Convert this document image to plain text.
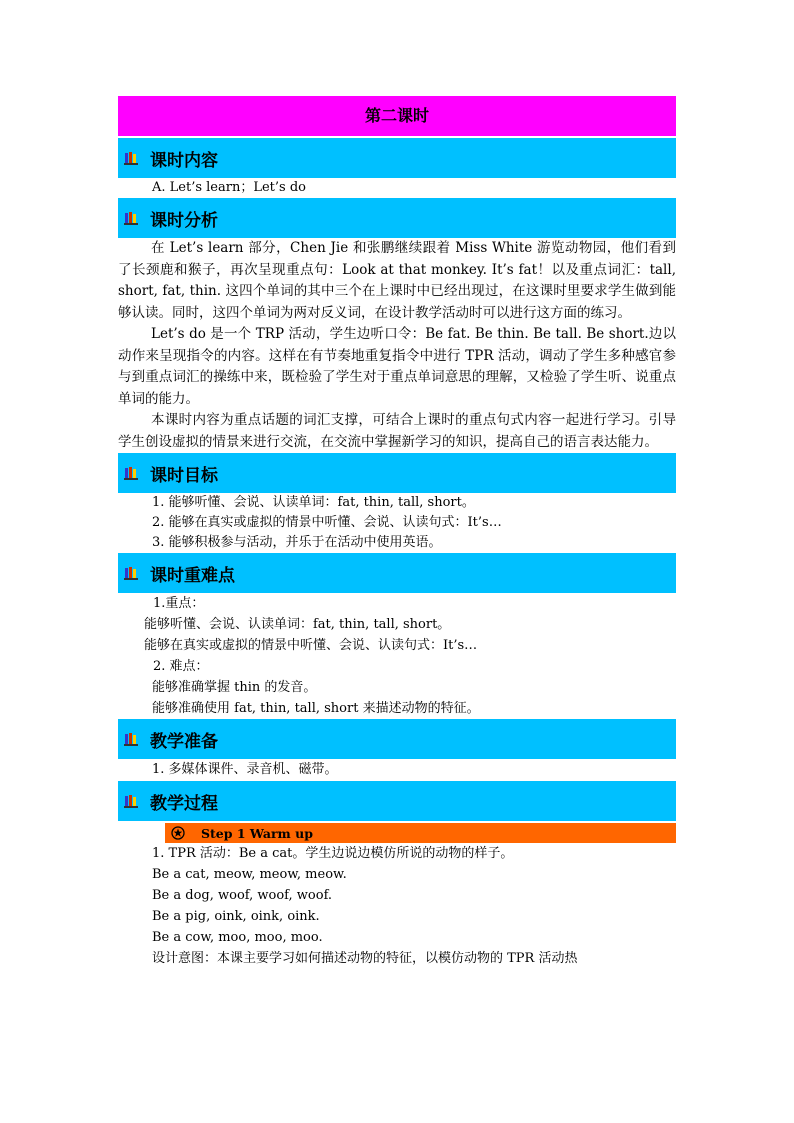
第二课时
课时内容
A. Let’s learn；Let’s do
课时分析
在 Let’s learn 部分，Chen Jie 和张鹏继续跟着 Miss White 游览动物园，他们看到了长颈鹿和猴子，再次呈现重点句：Look at that monkey. It’s fat！以及重点词汇：tall, short, fat, thin. 这四个单词的其中三个在上课时中已经出现过，在这课时里要求学生做到能够认读。同时，这四个单词为两对反义词，在设计教学活动时可以进行这方面的练习。
Let’s do 是一个 TRP 活动，学生边听口令：Be fat. Be thin. Be tall. Be short.边以动作来呈现指令的内容。这样在有节奏地重复指令中进行 TPR 活动，调动了学生多种感官参与到重点词汇的操练中来，既检验了学生对于重点单词意思的理解，又检验了学生听、说重点单词的能力。
本课时内容为重点话题的词汇支撑，可结合上课时的重点句式内容一起进行学习。引导学生创设虚拟的情景来进行交流，在交流中掌握新学习的知识，提高自己的语言表达能力。
课时目标
1. 能够听懂、会说、认读单词：fat, thin, tall, short。
2. 能够在真实或虚拟的情景中听懂、会说、认读句式：It’s…
3. 能够积极参与活动，并乐于在活动中使用英语。
课时重难点
1.重点：
能够听懂、会说、认读单词：fat, thin, tall, short。
能够在真实或虚拟的情景中听懂、会说、认读句式：It’s…
2. 难点：
能够准确掌握 thin 的发音。
能够准确使用 fat, thin, tall, short 来描述动物的特征。
教学准备
1. 多媒体课件、录音机、磁带。
教学过程
Step 1 Warm up
1. TPR 活动：Be a cat。学生边说边模仿所说的动物的样子。
Be a cat, meow, meow, meow.
Be a dog, woof, woof, woof.
Be a pig, oink, oink, oink.
Be a cow, moo, moo, moo.
设计意图：本课主要学习如何描述动物的特征，以模仿动物的 TPR 活动热
